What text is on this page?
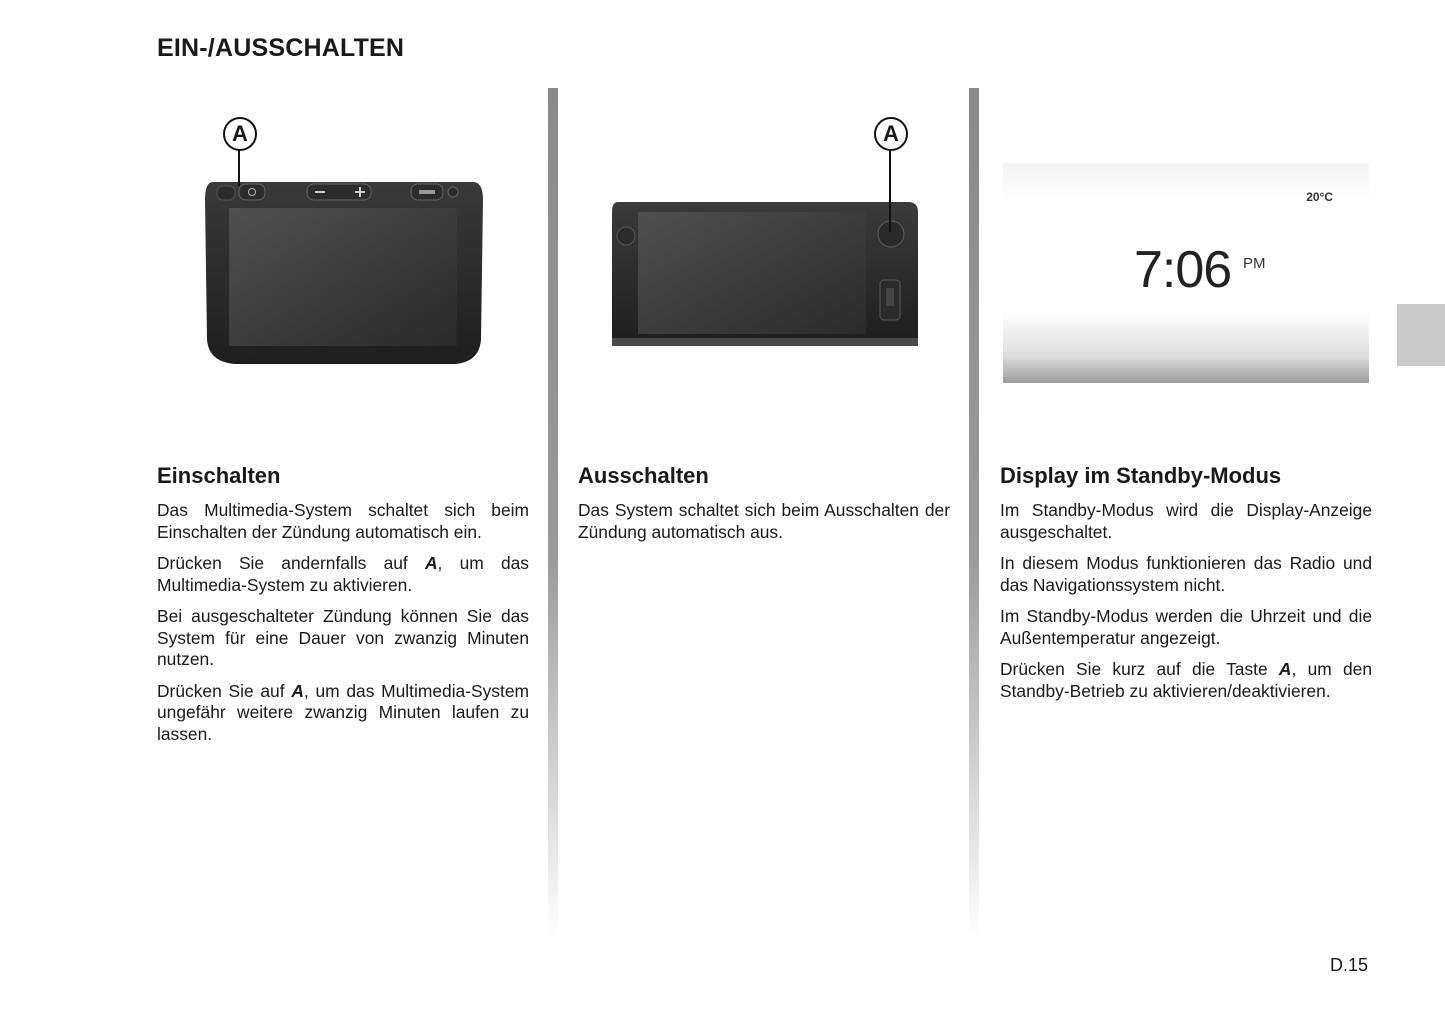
EIN-/AUSSCHALTEN
A	A
20°C
7:06 PM
Einschalten

Das Multimedia-System schaltet sich beim Einschalten der Zündung automatisch ein.

Drücken Sie andernfalls auf A, um das Multimedia-System zu aktivieren.

Bei ausgeschalteter Zündung können Sie das System für eine Dauer von zwanzig Minuten nutzen.

Drücken Sie auf A, um das Multimedia-System ungefähr weitere zwanzig Minuten laufen zu lassen.

Ausschalten

Das System schaltet sich beim Ausschalten der Zündung automatisch aus.

Display im Standby-Modus

Im Standby-Modus wird die Display-Anzeige ausgeschaltet.

In diesem Modus funktionieren das Radio und das Navigationssystem nicht.

Im Standby-Modus werden die Uhrzeit und die Außentemperatur angezeigt.

Drücken Sie kurz auf die Taste A, um den Standby-Betrieb zu aktivieren/deaktivieren.

D.15
